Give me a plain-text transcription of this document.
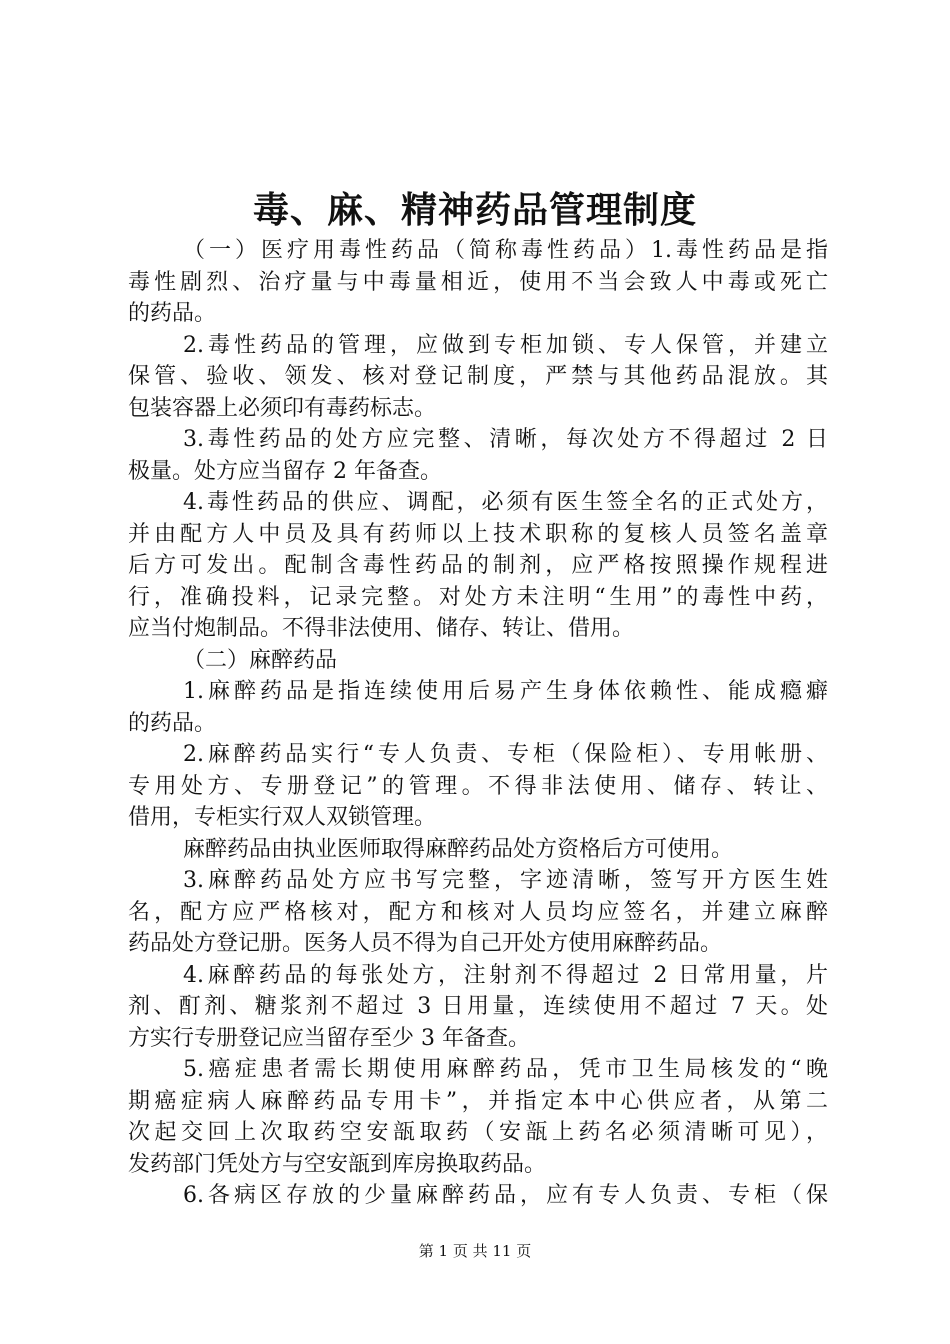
毒、麻、精神药品管理制度
（一）医疗用毒性药品（简称毒性药品）1.毒性药品是指
毒性剧烈、治疗量与中毒量相近，使用不当会致人中毒或死亡
的药品。
2.毒性药品的管理，应做到专柜加锁、专人保管，并建立
保管、验收、领发、核对登记制度，严禁与其他药品混放。其
包装容器上必须印有毒药标志。
3.毒性药品的处方应完整、清晰，每次处方不得超过 2 日
极量。处方应当留存 2 年备查。
4.毒性药品的供应、调配，必须有医生签全名的正式处方，
并由配方人中员及具有药师以上技术职称的复核人员签名盖章
后方可发出。配制含毒性药品的制剂，应严格按照操作规程进
行，准确投料，记录完整。对处方未注明“生用”的毒性中药，
应当付炮制品。不得非法使用、储存、转让、借用。
（二）麻醉药品
1.麻醉药品是指连续使用后易产生身体依赖性、能成瘾癖
的药品。
2.麻醉药品实行“专人负责、专柜（保险柜）、专用帐册、
专用处方、专册登记”的管理。不得非法使用、储存、转让、
借用，专柜实行双人双锁管理。
麻醉药品由执业医师取得麻醉药品处方资格后方可使用。
3.麻醉药品处方应书写完整，字迹清晰，签写开方医生姓
名，配方应严格核对，配方和核对人员均应签名，并建立麻醉
药品处方登记册。医务人员不得为自己开处方使用麻醉药品。
4.麻醉药品的每张处方，注射剂不得超过 2 日常用量，片
剂、酊剂、糖浆剂不超过 3 日用量，连续使用不超过 7 天。处
方实行专册登记应当留存至少 3 年备查。
5.癌症患者需长期使用麻醉药品，凭市卫生局核发的“晚
期癌症病人麻醉药品专用卡”，并指定本中心供应者，从第二
次起交回上次取药空安瓿取药（安瓿上药名必须清晰可见），
发药部门凭处方与空安瓿到库房换取药品。
6.各病区存放的少量麻醉药品，应有专人负责、专柜（保
第 1 页 共 11 页
